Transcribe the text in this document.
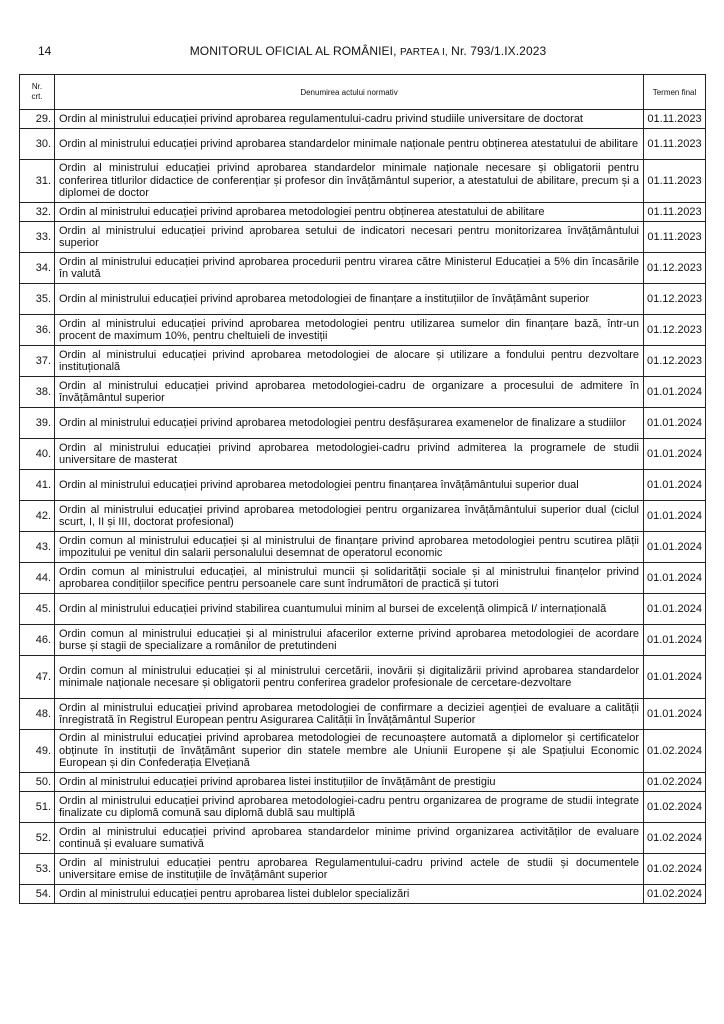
14	MONITORUL OFICIAL AL ROMÂNIEI, PARTEA I, Nr. 793/1.IX.2023
Nr.
crt.	Denumirea actului normativ	Termen final
29.	Ordin al ministrului educației privind aprobarea regulamentului-cadru privind studiile universitare de doctorat	01.11.2023
30.	Ordin al ministrului educației privind aprobarea standardelor minimale naționale pentru obținerea atestatului de abilitare	01.11.2023
31.	Ordin al ministrului educației privind aprobarea standardelor minimale naționale necesare și obligatorii pentru conferirea titlurilor didactice de conferențiar și profesor din învățământul superior, a atestatului de abilitare, precum și a diplomei de doctor	01.11.2023
32.	Ordin al ministrului educației privind aprobarea metodologiei pentru obținerea atestatului de abilitare	01.11.2023
33.	Ordin al ministrului educației privind aprobarea setului de indicatori necesari pentru monitorizarea învățământului superior	01.11.2023
34.	Ordin al ministrului educației privind aprobarea procedurii pentru virarea către Ministerul Educației a 5% din încasările în valută	01.12.2023
35.	Ordin al ministrului educației privind aprobarea metodologiei de finanțare a instituțiilor de învățământ superior	01.12.2023
36.	Ordin al ministrului educației privind aprobarea metodologiei pentru utilizarea sumelor din finanțare bază, într-un procent de maximum 10%, pentru cheltuieli de investiții	01.12.2023
37.	Ordin al ministrului educației privind aprobarea metodologiei de alocare și utilizare a fondului pentru dezvoltare instituțională	01.12.2023
38.	Ordin al ministrului educației privind aprobarea metodologiei-cadru de organizare a procesului de admitere în învățământul superior	01.01.2024
39.	Ordin al ministrului educației privind aprobarea metodologiei pentru desfășurarea examenelor de finalizare a studiilor	01.01.2024
40.	Ordin al ministrului educației privind aprobarea metodologiei-cadru privind admiterea la programele de studii universitare de masterat	01.01.2024
41.	Ordin al ministrului educației privind aprobarea metodologiei pentru finanțarea învățământului superior dual	01.01.2024
42.	Ordin al ministrului educației privind aprobarea metodologiei pentru organizarea învățământului superior dual (ciclul scurt, I, II și III, doctorat profesional)	01.01.2024
43.	Ordin comun al ministrului educației și al ministrului de finanțare privind aprobarea metodologiei pentru scutirea plății impozitului pe venitul din salarii personalului desemnat de operatorul economic	01.01.2024
44.	Ordin comun al ministrului educației, al ministrului muncii și solidarității sociale și al ministrului finanțelor privind aprobarea condițiilor specifice pentru persoanele care sunt îndrumători de practică și tutori	01.01.2024
45.	Ordin al ministrului educației privind stabilirea cuantumului minim al bursei de excelență olimpică I/ internațională	01.01.2024
46.	Ordin comun al ministrului educației și al ministrului afacerilor externe privind aprobarea metodologiei de acordare burse și stagii de specializare a românilor de pretutindeni	01.01.2024
47.	Ordin comun al ministrului educației și al ministrului cercetării, inovării și digitalizării privind aprobarea standardelor minimale naționale necesare și obligatorii pentru conferirea gradelor profesionale de cercetare-dezvoltare	01.01.2024
48.	Ordin al ministrului educației privind aprobarea metodologiei de confirmare a deciziei agenției de evaluare a calității înregistrată în Registrul European pentru Asigurarea Calității în Învățământul Superior	01.01.2024
49.	Ordin al ministrului educației privind aprobarea metodologiei de recunoaștere automată a diplomelor și certificatelor obținute în instituții de învățământ superior din statele membre ale Uniunii Europene și ale Spațiului Economic European și din Confederația Elvețiană	01.02.2024
50.	Ordin al ministrului educației privind aprobarea listei instituțiilor de învățământ de prestigiu	01.02.2024
51.	Ordin al ministrului educației privind aprobarea metodologiei-cadru pentru organizarea de programe de studii integrate finalizate cu diplomă comună sau diplomă dublă sau multiplă	01.02.2024
52.	Ordin al ministrului educației privind aprobarea standardelor minime privind organizarea activităților de evaluare continuă și evaluare sumativă	01.02.2024
53.	Ordin al ministrului educației pentru aprobarea Regulamentului-cadru privind actele de studii și documentele universitare emise de instituțiile de învățământ superior	01.02.2024
54.	Ordin al ministrului educației pentru aprobarea listei dublelor specializări	01.02.2024
